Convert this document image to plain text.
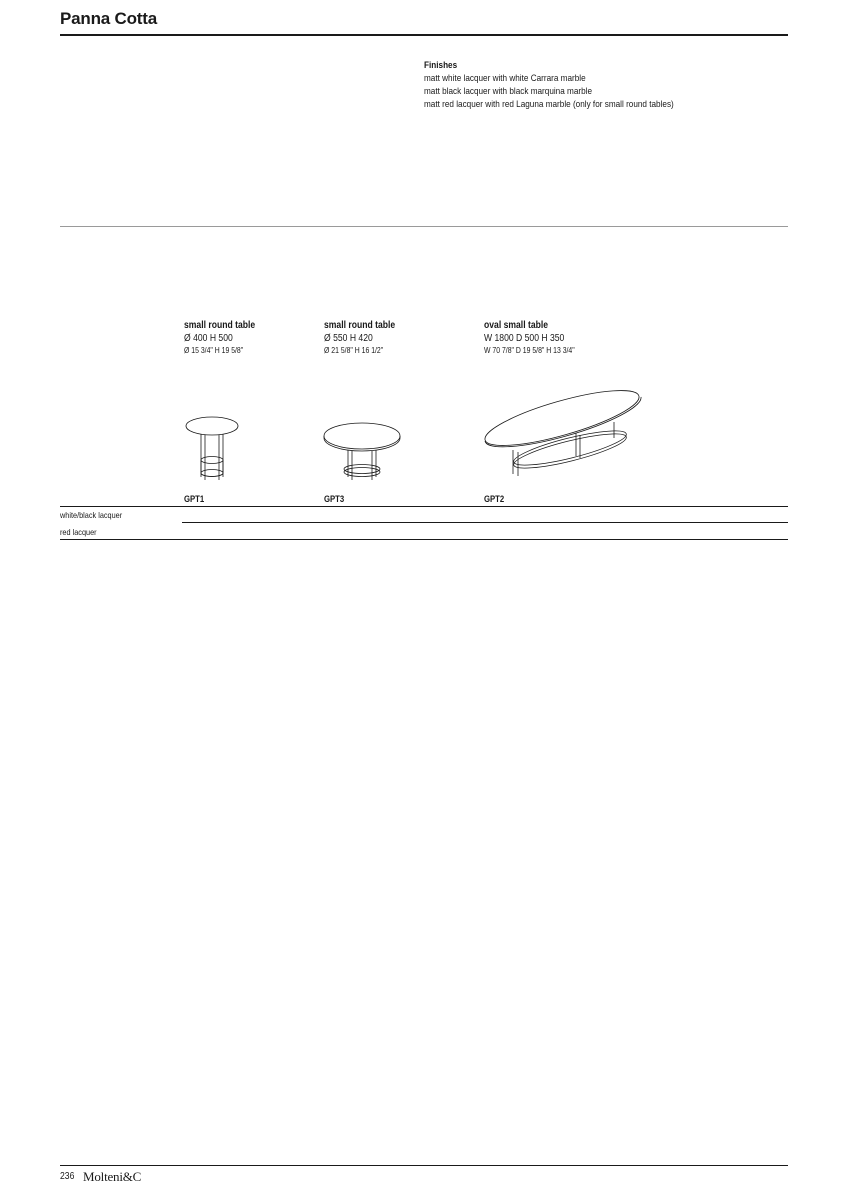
Panna Cotta
Finishes
matt white lacquer with white Carrara marble
matt black lacquer with black marquina marble
matt red lacquer with red Laguna marble (only for small round tables)
small round table
Ø 400 H 500
Ø 15 3/4" H 19 5/8"
small round table
Ø 550 H 420
Ø 21 5/8" H 16 1/2"
oval small table
W 1800 D 500 H 350
W 70 7/8" D 19 5/8" H 13 3/4"
GPT1	GPT3	GPT2
white/black lacquer
red lacquer
236 Molteni&C
